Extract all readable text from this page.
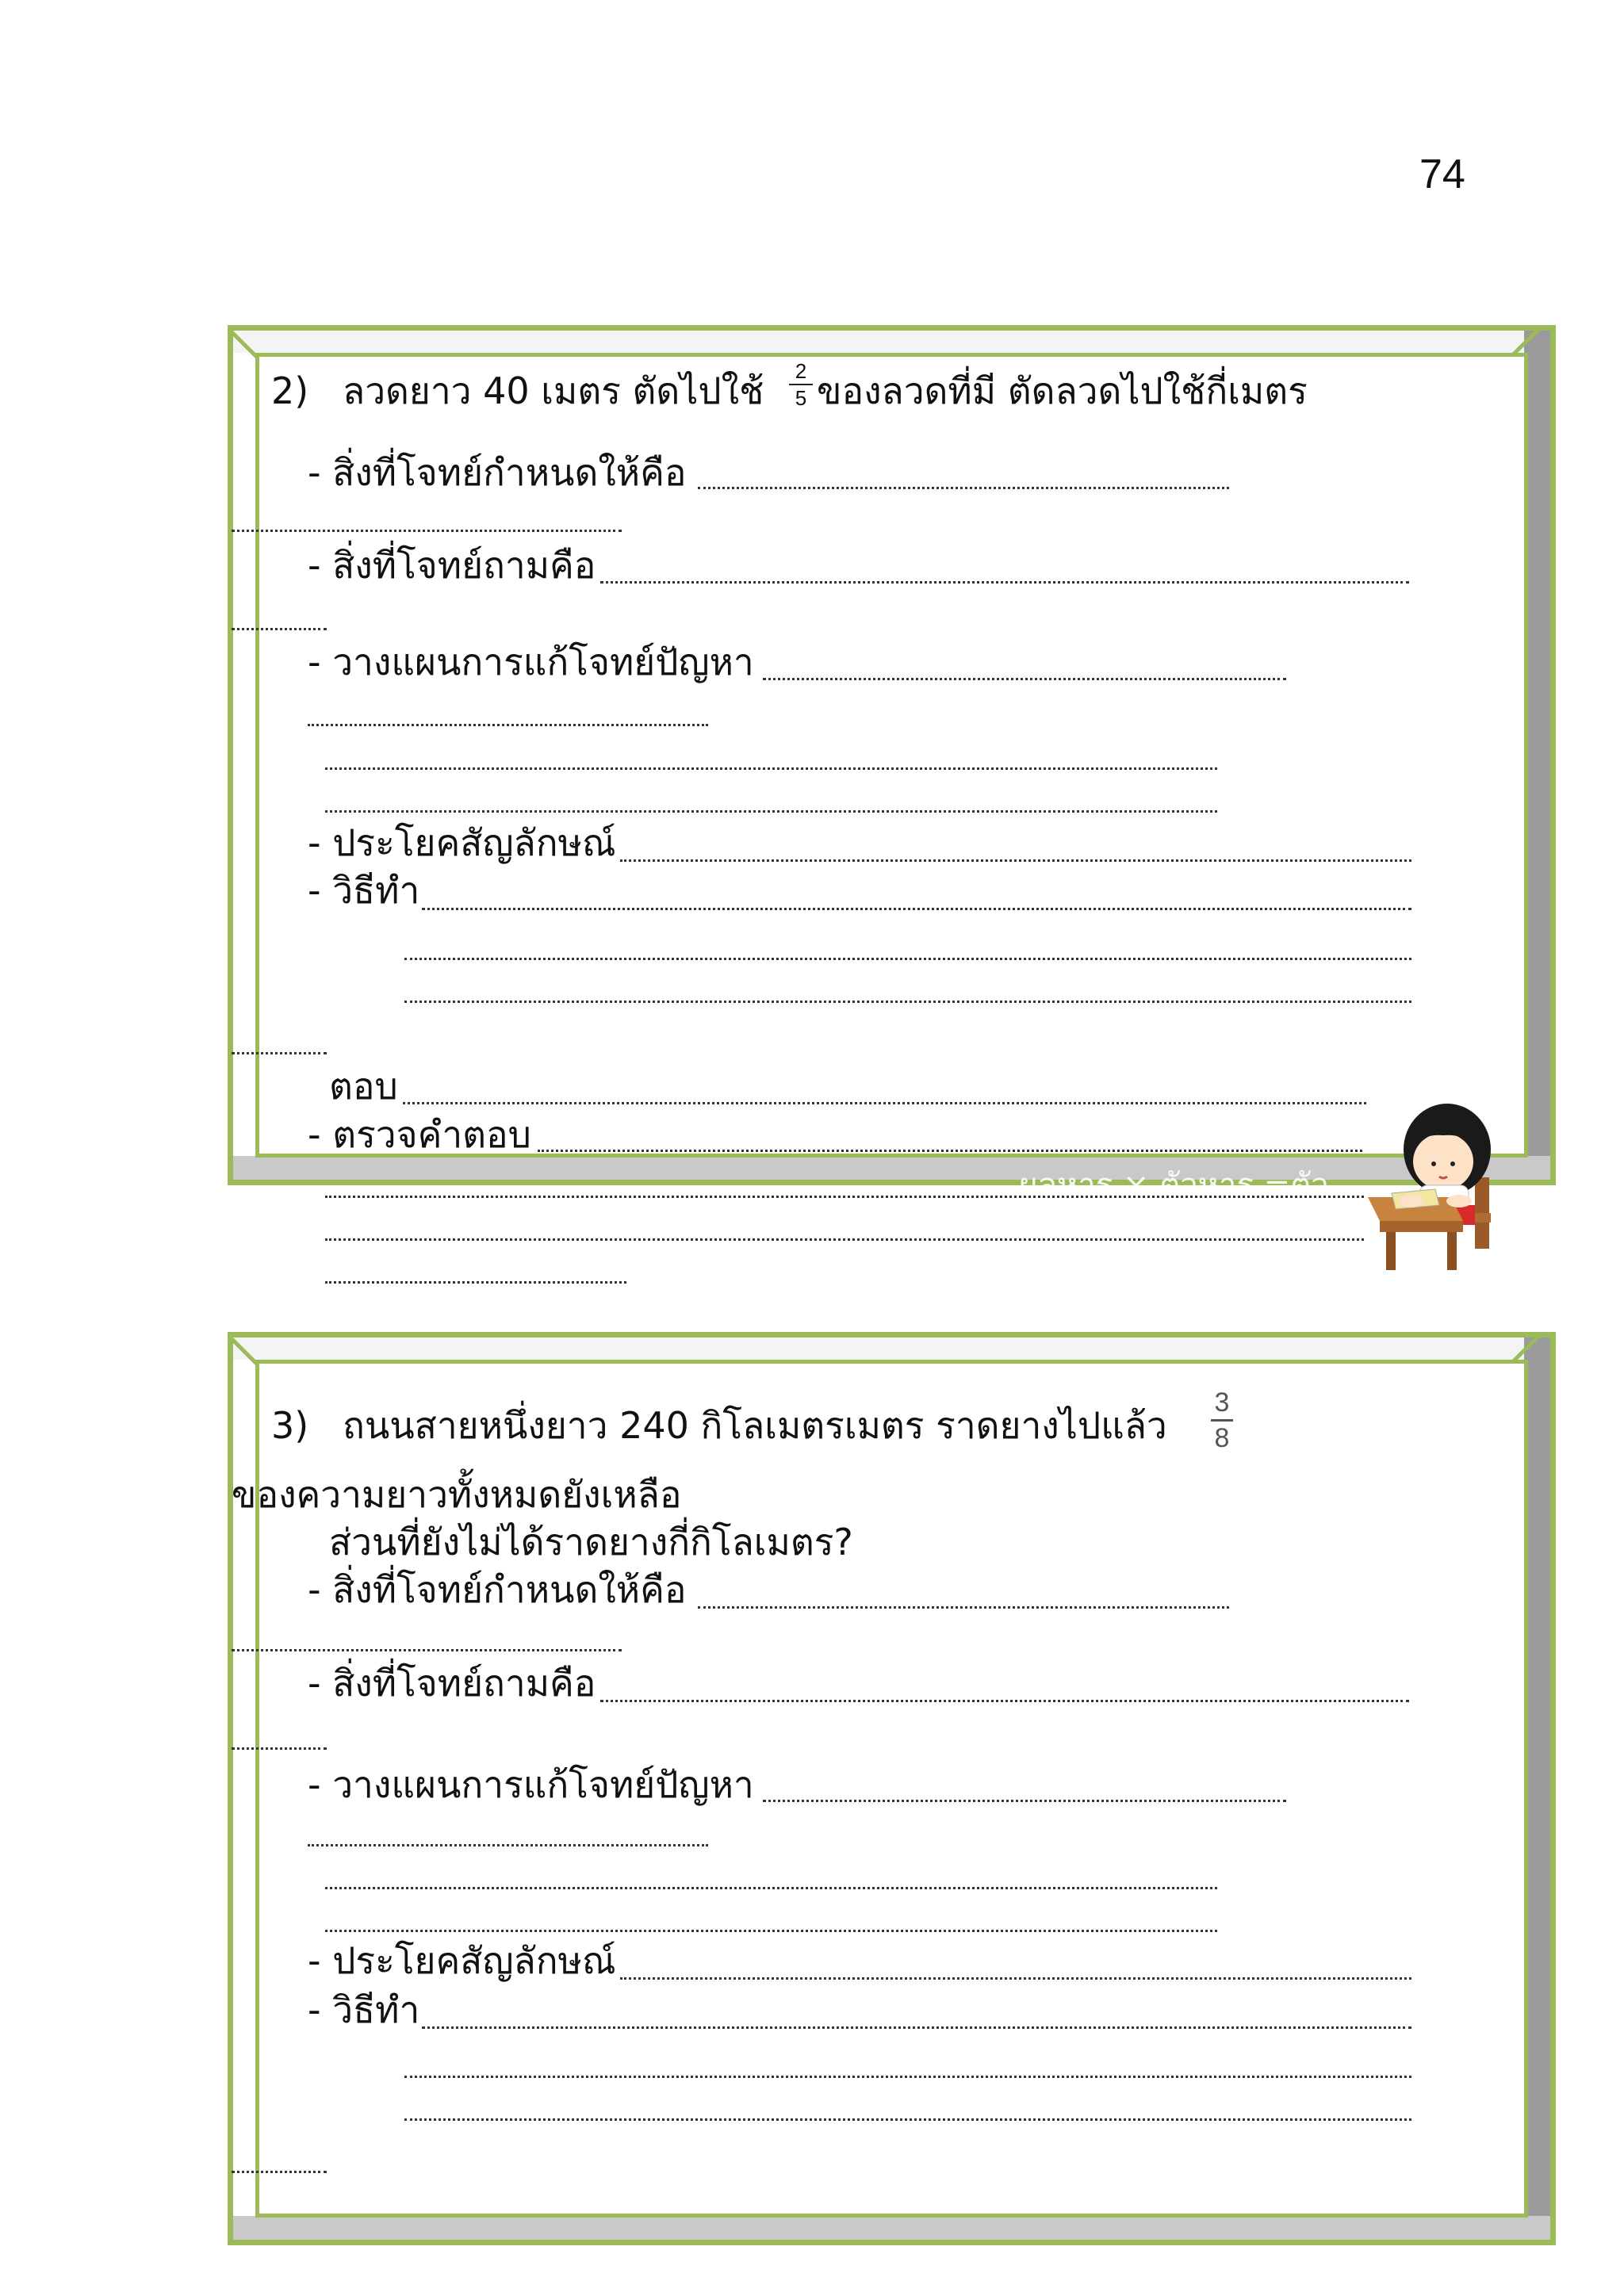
74
2) ลวดยาว 40 เมตร ตัดไปใช้ 2
5 ของลวดที่มี ตัดลวดไปใช้กี่เมตร
- สิ่งที่โจทย์กำหนดให้คือ
- สิ่งที่โจทย์ถามคือ
- วางแผนการแก้โจทย์ปัญหา
- ประโยคสัญลักษณ์
- วิธีทำ
ตอบ
- ตรวจคำตอบ
ผลหาร × ตัวหาร =ตัว
3) ถนนสายหนึ่งยาว 240 กิโลเมตรเมตร ราดยางไปแล้ว
3
8
ของความยาวทั้งหมดยังเหลือ
ส่วนที่ยังไม่ได้ราดยางกี่กิโลเมตร?
- สิ่งที่โจทย์กำหนดให้คือ
- สิ่งที่โจทย์ถามคือ
- วางแผนการแก้โจทย์ปัญหา
- ประโยคสัญลักษณ์
- วิธีทำ
